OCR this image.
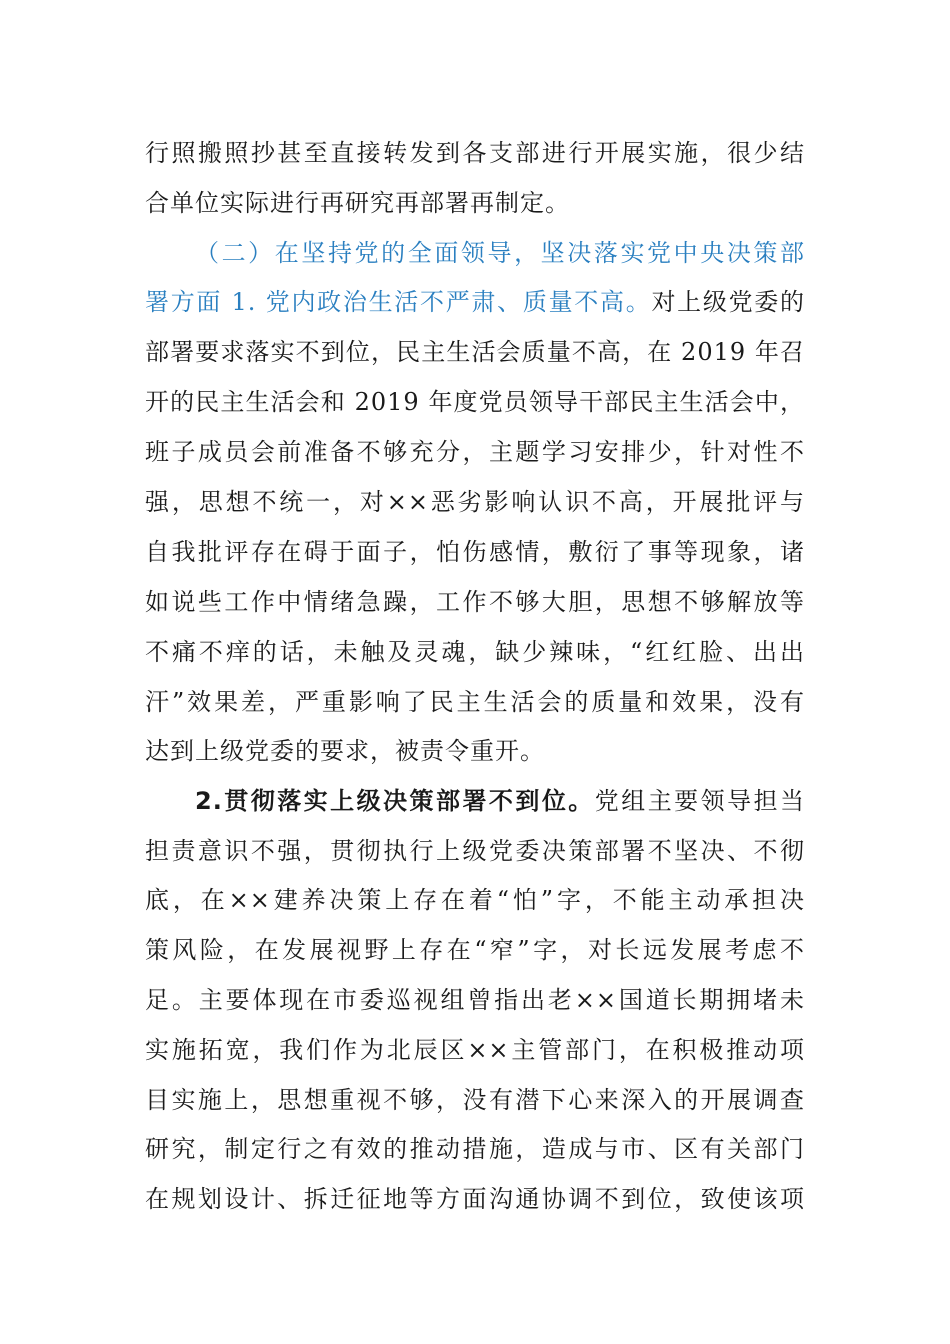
行照搬照抄甚至直接转发到各支部进行开展实施，很少结
合单位实际进行再研究再部署再制定。
（二）在坚持党的全面领导，坚决落实党中央决策部
署方面 1. 党内政治生活不严肃、质量不高。对上级党委的
部署要求落实不到位，民主生活会质量不高，在 2019 年召
开的民主生活会和 2019 年度党员领导干部民主生活会中，
班子成员会前准备不够充分，主题学习安排少，针对性不
强，思想不统一，对××恶劣影响认识不高，开展批评与
自我批评存在碍于面子，怕伤感情，敷衍了事等现象，诸
如说些工作中情绪急躁，工作不够大胆，思想不够解放等
不痛不痒的话，未触及灵魂，缺少辣味，“红红脸、出出
汗”效果差，严重影响了民主生活会的质量和效果，没有
达到上级党委的要求，被责令重开。
2.贯彻落实上级决策部署不到位。党组主要领导担当
担责意识不强，贯彻执行上级党委决策部署不坚决、不彻
底，在××建养决策上存在着“怕”字，不能主动承担决
策风险，在发展视野上存在“窄”字，对长远发展考虑不
足。主要体现在市委巡视组曾指出老××国道长期拥堵未
实施拓宽，我们作为北辰区××主管部门，在积极推动项
目实施上，思想重视不够，没有潜下心来深入的开展调查
研究，制定行之有效的推动措施，造成与市、区有关部门
在规划设计、拆迁征地等方面沟通协调不到位，致使该项
